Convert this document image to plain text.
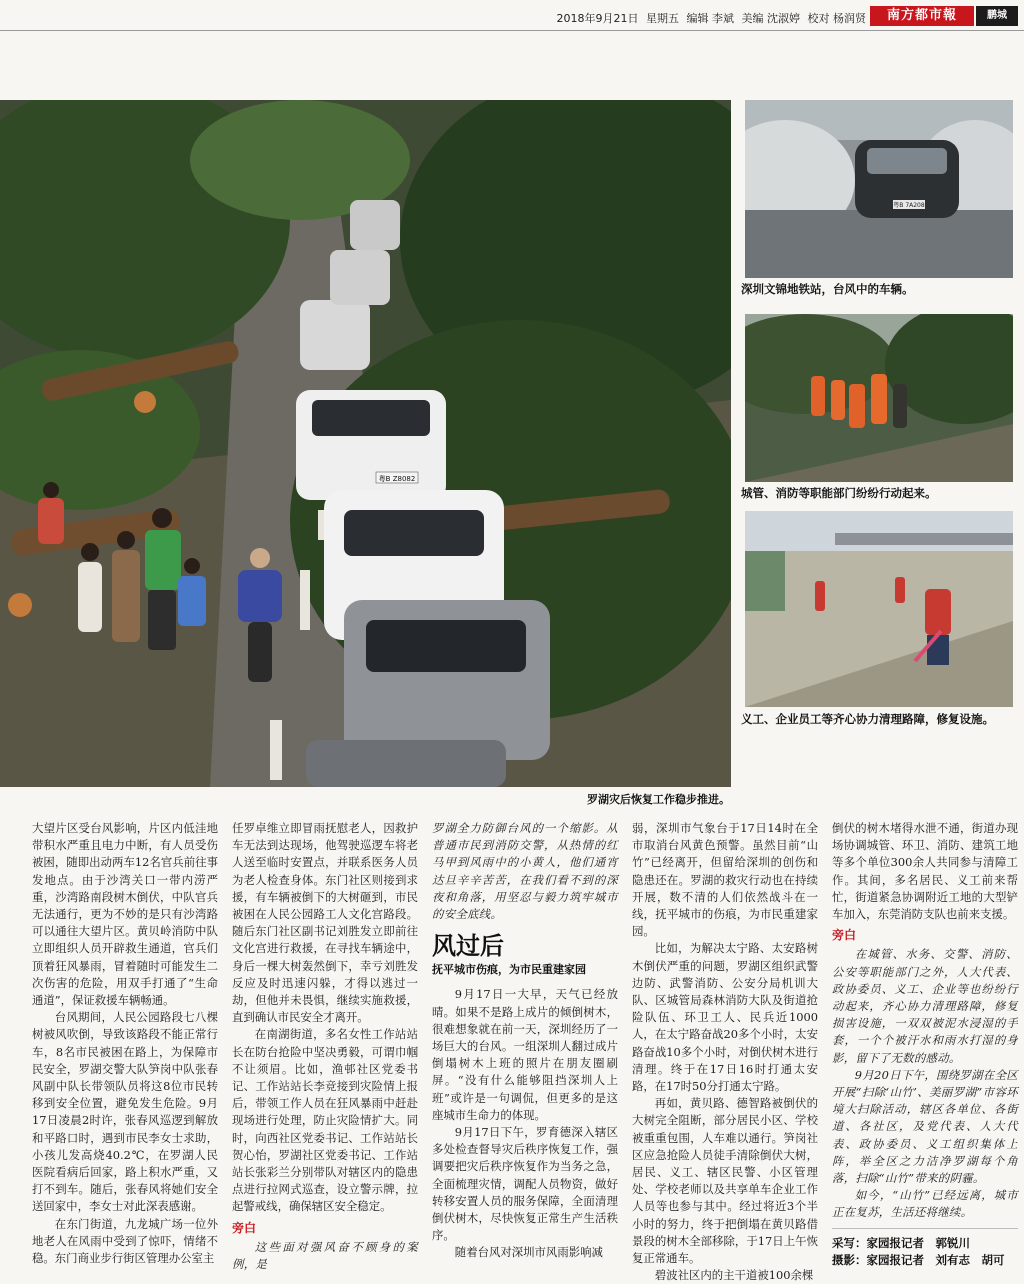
2018年9月21日 星期五 编辑 李斌 美编 沈淑婷 校对 杨润贤	南方都市報	鹏城
粤B Z8082
罗湖灾后恢复工作稳步推进。
粤B 7A208
深圳文锦地铁站，台风中的车辆。
城管、消防等职能部门纷纷行动起来。
义工、企业员工等齐心协力清理路障，修复设施。

大望片区受台风影响，片区内低洼地带积水严重且电力中断，有人员受伤被困，随即出动两车12名官兵前往事发地点。由于沙湾关口一带内涝严重，沙湾路南段树木倒伏，中队官兵无法通行，更为不妙的是只有沙湾路可以通往大望片区。黄贝岭消防中队立即组织人员开辟救生通道，官兵们顶着狂风暴雨，冒着随时可能发生二次伤害的危险，用双手打通了“生命通道”，保证救援车辆畅通。

台风期间，人民公园路段七八棵树被风吹倒，导致该路段不能正常行车，8名市民被困在路上，为保障市民安全，罗湖交警大队笋岗中队张春风副中队长带领队员将这8位市民转移到安全位置，避免发生危险。9月17日凌晨2时许，张春风巡逻到解放和平路口时，遇到市民李女士求助，小孩儿发高烧40.2℃，在罗湖人民医院看病后回家，路上积水严重，又打不到车。随后，张春风将她们安全送回家中，李女士对此深表感谢。

在东门街道，九龙城广场一位外地老人在风雨中受到了惊吓，情绪不稳。东门商业步行街区管理办公室主

任罗卓维立即冒雨抚慰老人，因救护车无法到达现场，他驾驶巡逻车将老人送至临时安置点，并联系医务人员为老人检查身体。东门社区则接到求援，有车辆被倒下的大树砸到，市民被困在人民公园路工人文化宫路段。随后东门社区副书记刘胜发立即前往文化宫进行救援，在寻找车辆途中，身后一棵大树轰然倒下，幸亏刘胜发反应及时迅速闪躲，才得以逃过一劫，但他并未畏惧，继续实施救援，直到确认市民安全才离开。

在南湖街道，多名女性工作站站长在防台抢险中坚决勇毅，可谓巾帼不让须眉。比如，渔邨社区党委书记、工作站站长李竞接到灾险情上报后，带领工作人员在狂风暴雨中赶赴现场进行处理，防止灾险情扩大。同时，向西社区党委书记、工作站站长贺心怡，罗湖社区党委书记、工作站站长张彩兰分别带队对辖区内的隐患点进行拉网式巡查，设立警示牌，拉起警戒线，确保辖区安全稳定。

旁白

这些面对强风奋不顾身的案例，是

罗湖全力防御台风的一个缩影。从普通市民到消防交警，从热情的红马甲到风雨中的小黄人，他们通宵达旦辛辛苦苦，在我们看不到的深夜和角落，用坚忍与毅力筑牢城市的安全底线。

风过后
抚平城市伤痕，为市民重建家园

9月17日一大早，天气已经放晴。如果不是路上成片的倾倒树木，很难想象就在前一天，深圳经历了一场巨大的台风。一组深圳人翻过成片倒塌树木上班的照片在朋友圈刷屏。“没有什么能够阻挡深圳人上班”或许是一句调侃，但更多的是这座城市生命力的体现。

9月17日下午，罗育德深入辖区多处检查督导灾后秩序恢复工作，强调要把灾后秩序恢复作为当务之急，全面梳理灾情，调配人员物资，做好转移安置人员的服务保障，全面清理倒伏树木，尽快恢复正常生产生活秩序。

随着台风对深圳市风雨影响减

弱，深圳市气象台于17日14时在全市取消台风黄色预警。虽然目前“山竹”已经离开，但留给深圳的创伤和隐患还在。罗湖的救灾行动也在持续开展，数不清的人们依然战斗在一线，抚平城市的伤痕，为市民重建家园。

比如，为解决太宁路、太安路树木倒伏严重的问题，罗湖区组织武警边防、武警消防、公安分局机训大队、区城管局森林消防大队及街道抢险队伍、环卫工人、民兵近1000人，在太宁路奋战20多个小时，太安路奋战10多个小时，对倒伏树木进行清理。终于在17日16时打通太安路，在17时50分打通太宁路。

再如，黄贝路、德智路被倒伏的大树完全阻断，部分居民小区、学校被重重包围，人车难以通行。笋岗社区应急抢险人员徒手清除倒伏大树，居民、义工、辖区民警、小区管理处、学校老师以及共享单车企业工作人员等也参与其中。经过将近3个半小时的努力，终于把倒塌在黄贝路借景段的树木全部移除，于17日上午恢复正常通车。

碧波社区内的主干道被100余棵

倒伏的树木堵得水泄不通，街道办现场协调城管、环卫、消防、建筑工地等多个单位300余人共同参与清障工作。其间，多名居民、义工前来帮忙，街道紧急协调附近工地的大型铲车加入，东莞消防支队也前来支援。

旁白

在城管、水务、交警、消防、公安等职能部门之外，人大代表、政协委员、义工、企业等也纷纷行动起来，齐心协力清理路障，修复损害设施，一双双被泥水浸湿的手套，一个个被汗水和雨水打湿的身影，留下了无数的感动。

9月20日下午，围绕罗湖在全区开展“扫除‘山竹’、美丽罗湖”市容环境大扫除活动，辖区各单位、各街道、各社区，及党代表、人大代表、政协委员、义工组织集体上阵，举全区之力洁净罗湖每个角落，扫除“山竹”带来的阴霾。

如今，“山竹”已经远离，城市正在复苏，生活还将继续。

采写：家园报记者　郭锐川
摄影：家园报记者　刘有志　胡可
